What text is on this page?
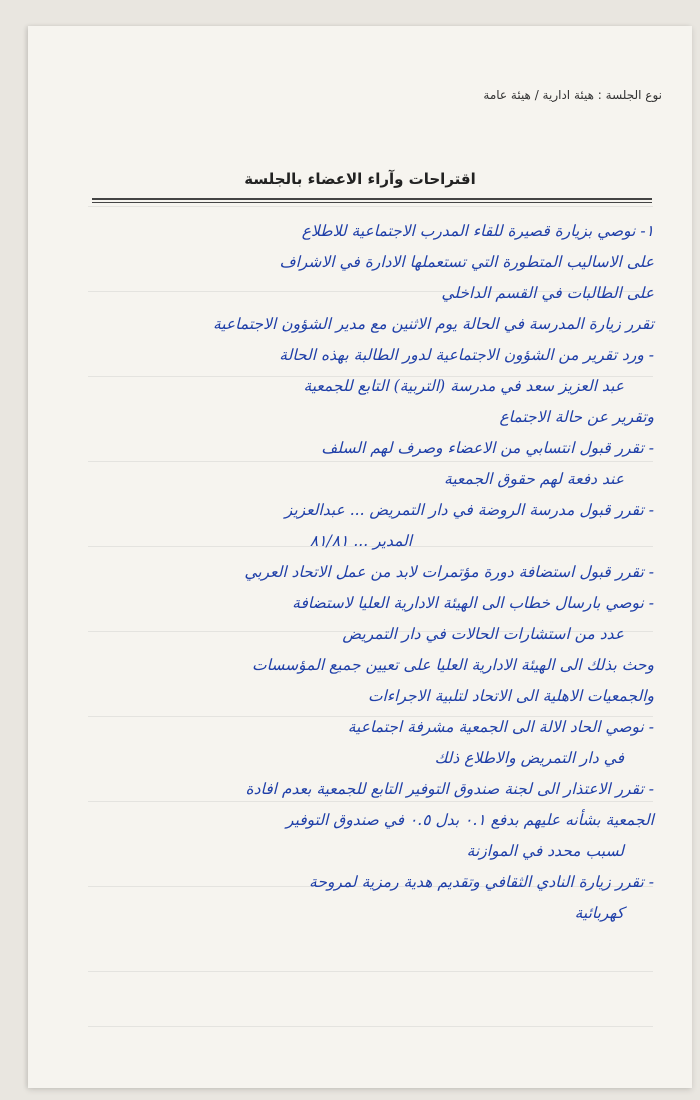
نوع الجلسة : هيئة ادارية / هيئة عامة
اقتراحات وآراء الاعضاء بالجلسة
١- نوصي بزيارة قصيرة للقاء المدرب الاجتماعية للاطلاع
على الاساليب المتطورة التي تستعملها الادارة في الاشراف
على الطالبات في القسم الداخلي
تقرر زيارة المدرسة في الحالة يوم الاثنين مع مدير الشؤون الاجتماعية
- ورد تقرير من الشؤون الاجتماعية لدور الطالبة بهذه الحالة
عبد العزيز سعد في مدرسة (التربية) التابع للجمعية
وتقرير عن حالة الاجتماع
- تقرر قبول انتسابي من الاعضاء وصرف لهم السلف
عند دفعة لهم حقوق الجمعية
- تقرر قبول مدرسة الروضة في دار التمريض ... عبدالعزيز
المدير ... ٨١/٨١
- تقرر قبول استضافة دورة مؤتمرات لابد من عمل الاتحاد العربي
- نوصي بارسال خطاب الى الهيئة الادارية العليا لاستضافة
عدد من استشارات الحالات في دار التمريض
وحث بذلك الى الهيئة الادارية العليا على تعيين جميع المؤسسات
والجمعيات الاهلية الى الاتحاد لتلبية الاجراءات
- نوصي الحاد الالة الى الجمعية مشرفة اجتماعية
في دار التمريض والاطلاع ذلك
- تقرر الاعتذار الى لجنة صندوق التوفير التابع للجمعية بعدم افادة
الجمعية بشأنه عليهم بدفع ٠.١ بدل ٠.٥ في صندوق التوفير
لسبب محدد في الموازنة
- تقرر زيارة النادي الثقافي وتقديم هدية رمزية لمروحة
كهربائية
